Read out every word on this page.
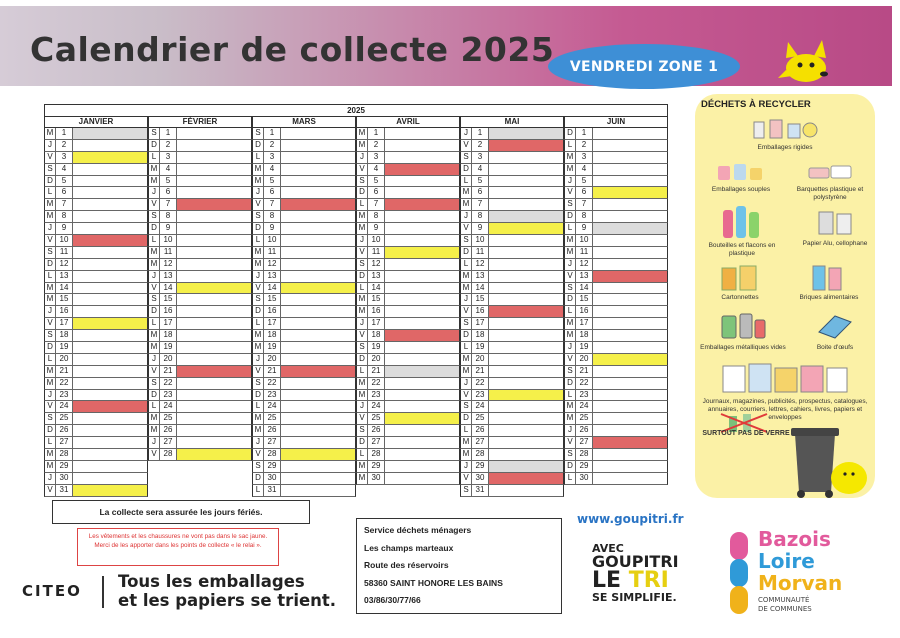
Calendrier de collecte 2025	VENDREDI ZONE 1
2025
JANVIER
M	1
J	2
V	3
S	4
D	5
L	6
M	7
M	8
J	9
V 10
S 11
D 12
L 13
M 14
M 15
J 16
V 17
S 18
D 19
L 20
M 21
M 22
J 23
V 24
S 25
D 26
L 27
M 28
M 29
J 30
V 31
FÉVRIER
S	1
D	2
L	3
M	4
M	5
J	6
V	7
S	8
D	9
L 10
M 11
M 12
J 13
V 14
S 15
D 16
L 17
M 18
M 19
J 20
V 21
S 22
D 23
L 24
M 25
M 26
J 27
V 28
MARS
S	1
D	2
L	3
M	4
M	5
J	6
V	7
S	8
D	9
L 10
M 11
M 12
J 13
V 14
S 15
D 16
L 17
M 18
M 19
J 20
V 21
S 22
D 23
L 24
M 25
M 26
J 27
V 28
S 29
D 30
L 31
AVRIL
M	1
M	2
J	3
V	4
S	5
D	6
L	7
M	8
M	9
J 10
V 11
S 12
D 13
L 14
M 15
M 16
J 17
V 18
S 19
D 20
L 21
M 22
M 23
J 24
V 25
S 26
D 27
L 28
M 29
M 30
MAI
J	1
V	2
S	3
D	4
L	5
M	6
M	7
J	8
V	9
S 10
D 11
L 12
M 13
M 14
J 15
V 16
S 17
D 18
L 19
M 20
M 21
J 22
V 23
S 24
D 25
L 26
M 27
M 28
J 29
V 30
S 31
JUIN
D	1
L	2
M	3
M	4
J	5
V	6
S	7
D	8
L	9
M 10
M 11
J 12
V 13
S 14
D 15
L 16
M 17
M 18
J 19
V 20
S 21
D 22
L 23
M 24
M 25
J 26
V 27
S 28
D 29
L 30
DÉCHETS À RECYCLER
Emballages rigides
Emballages souples	Barquettes plastique et polystyrène
Bouteilles et flacons en plastique
Papier Alu, cellophane
Cartonnettes	Briques alimentaires
Emballages métalliques vides	Boite d'œufs
Journaux, magazines, publicités, prospectus, catalogues, annuaires, courriers, lettres, cahiers, livres, papiers et enveloppes
SURTOUT PAS DE VERRE
La collecte sera assurée les jours fériés.
Les vêtements et les chaussures ne vont pas dans le sac jaune. Merci de les apporter dans les points de collecte « le relai ».
CITEO Tous les emballages
et les papiers se trient.
Service déchets ménagers
Les champs marteaux
Route des réservoirs
58360 SAINT HONORE LES BAINS
03/86/30/77/66
www.goupitri.fr
AVEC
GOUPITRI
LE TRI
SE SIMPLIFIE.
Bazois
Loire
Morvan
COMMUNAUTÉ
DE COMMUNES
